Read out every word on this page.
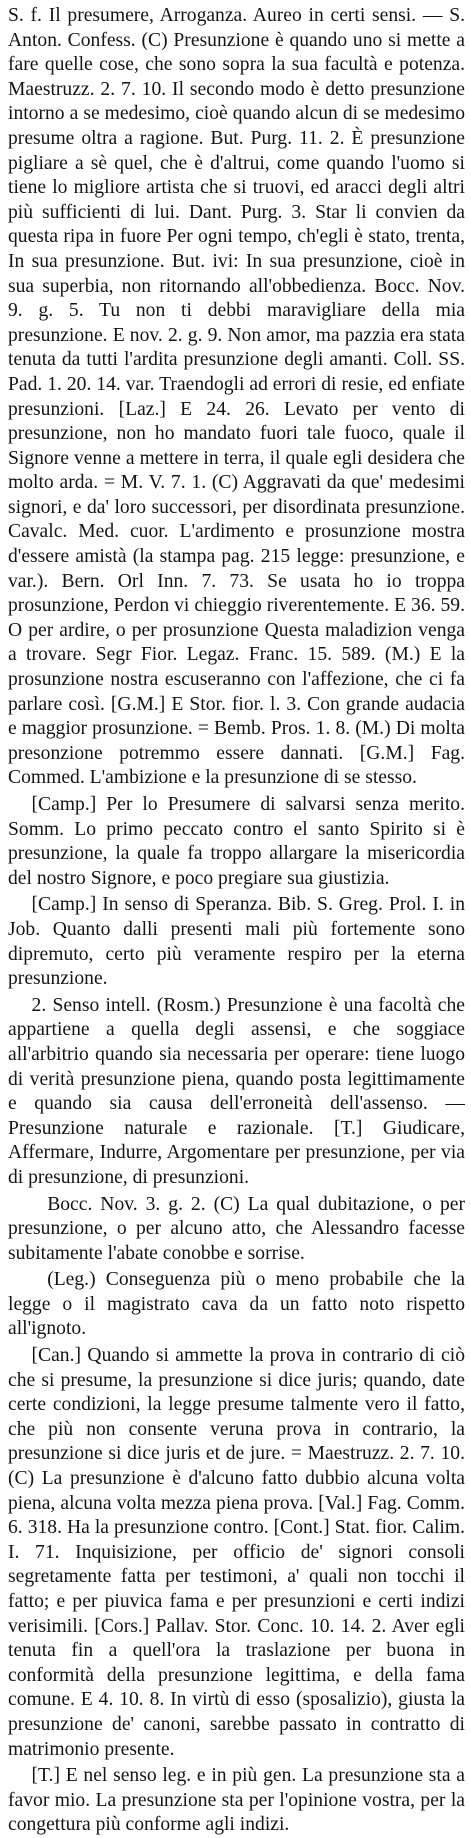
S. f. Il presumere, Arroganza. Aureo in certi sensi. — S. Anton. Confess. (C) Presunzione è quando uno si mette a fare quelle cose, che sono sopra la sua facultà e potenza. Maestruzz. 2. 7. 10. Il secondo modo è detto presunzione intorno a se medesimo, cioè quando alcun di se medesimo presume oltra a ragione. But. Purg. 11. 2. È presunzione pigliare a sè quel, che è d'altrui, come quando l'uomo si tiene lo migliore artista che si truovi, ed aracci degli altri più sufficienti di lui. Dant. Purg. 3. Star li convien da questa ripa in fuore Per ogni tempo, ch'egli è stato, trenta, In sua presunzione. But. ivi: In sua presunzione, cioè in sua superbia, non ritornando all'obbedienza. Bocc. Nov. 9. g. 5. Tu non ti debbi maravigliare della mia presunzione. E nov. 2. g. 9. Non amor, ma pazzia era stata tenuta da tutti l'ardita presunzione degli amanti. Coll. SS. Pad. 1. 20. 14. var. Traendogli ad errori di resie, ed enfiate presunzioni. [Laz.] E 24. 26. Levato per vento di presunzione, non ho mandato fuori tale fuoco, quale il Signore venne a mettere in terra, il quale egli desidera che molto arda. = M. V. 7. 1. (C) Aggravati da que' medesimi signori, e da' loro successori, per disordinata presunzione. Cavalc. Med. cuor. L'ardimento e prosunzione mostra d'essere amistà (la stampa pag. 215 legge: presunzione, e var.). Bern. Orl Inn. 7. 73. Se usata ho io troppa prosunzione, Perdon vi chieggio riverentemente. E 36. 59. O per ardire, o per prosunzione Questa maladizion venga a trovare. Segr Fior. Legaz. Franc. 15. 589. (M.) E la prosunzione nostra escuseranno con l'affezione, che ci fa parlare così. [G.M.] E Stor. fior. l. 3. Con grande audacia e maggior prosunzione. = Bemb. Pros. 1. 8. (M.) Di molta presonzione potremmo essere dannati. [G.M.] Fag. Commed. L'ambizione e la presunzione di se stesso.

[Camp.] Per lo Presumere di salvarsi senza merito. Somm. Lo primo peccato contro el santo Spirito si è presunzione, la quale fa troppo allargare la misericordia del nostro Signore, e poco pregiare sua giustizia.

[Camp.] In senso di Speranza. Bib. S. Greg. Prol. I. in Job. Quanto dalli presenti mali più fortemente sono dipremuto, certo più veramente respiro per la eterna presunzione.

2. Senso intell. (Rosm.) Presunzione è una facoltà che appartiene a quella degli assensi, e che soggiace all'arbitrio quando sia necessaria per operare: tiene luogo di verità presunzione piena, quando posta legittimamente e quando sia causa dell'erroneità dell'assenso. — Presunzione naturale e razionale. [T.] Giudicare, Affermare, Indurre, Argomentare per presunzione, per via di presunzione, di presunzioni.

Bocc. Nov. 3. g. 2. (C) La qual dubitazione, o per presunzione, o per alcuno atto, che Alessandro facesse subitamente l'abate conobbe e sorrise.

(Leg.) Conseguenza più o meno probabile che la legge o il magistrato cava da un fatto noto rispetto all'ignoto.

[Can.] Quando si ammette la prova in contrario di ciò che si presume, la presunzione si dice juris; quando, date certe condizioni, la legge presume talmente vero il fatto, che più non consente veruna prova in contrario, la presunzione si dice juris et de jure. = Maestruzz. 2. 7. 10. (C) La presunzione è d'alcuno fatto dubbio alcuna volta piena, alcuna volta mezza piena prova. [Val.] Fag. Comm. 6. 318. Ha la presunzione contro. [Cont.] Stat. fior. Calim. I. 71. Inquisizione, per officio de' signori consoli segretamente fatta per testimoni, a' quali non tocchi il fatto; e per piuvica fama e per presunzioni e certi indizi verisimili. [Cors.] Pallav. Stor. Conc. 10. 14. 2. Aver egli tenuta fin a quell'ora la traslazione per buona in conformità della presunzione legittima, e della fama comune. E 4. 10. 8. In virtù di esso (sposalizio), giusta la presunzione de' canoni, sarebbe passato in contratto di matrimonio presente.

[T.] E nel senso leg. e in più gen. La presunzione sta a favor mio. La presunzione sta per l'opinione vostra, per la congettura più conforme agli indizi.
